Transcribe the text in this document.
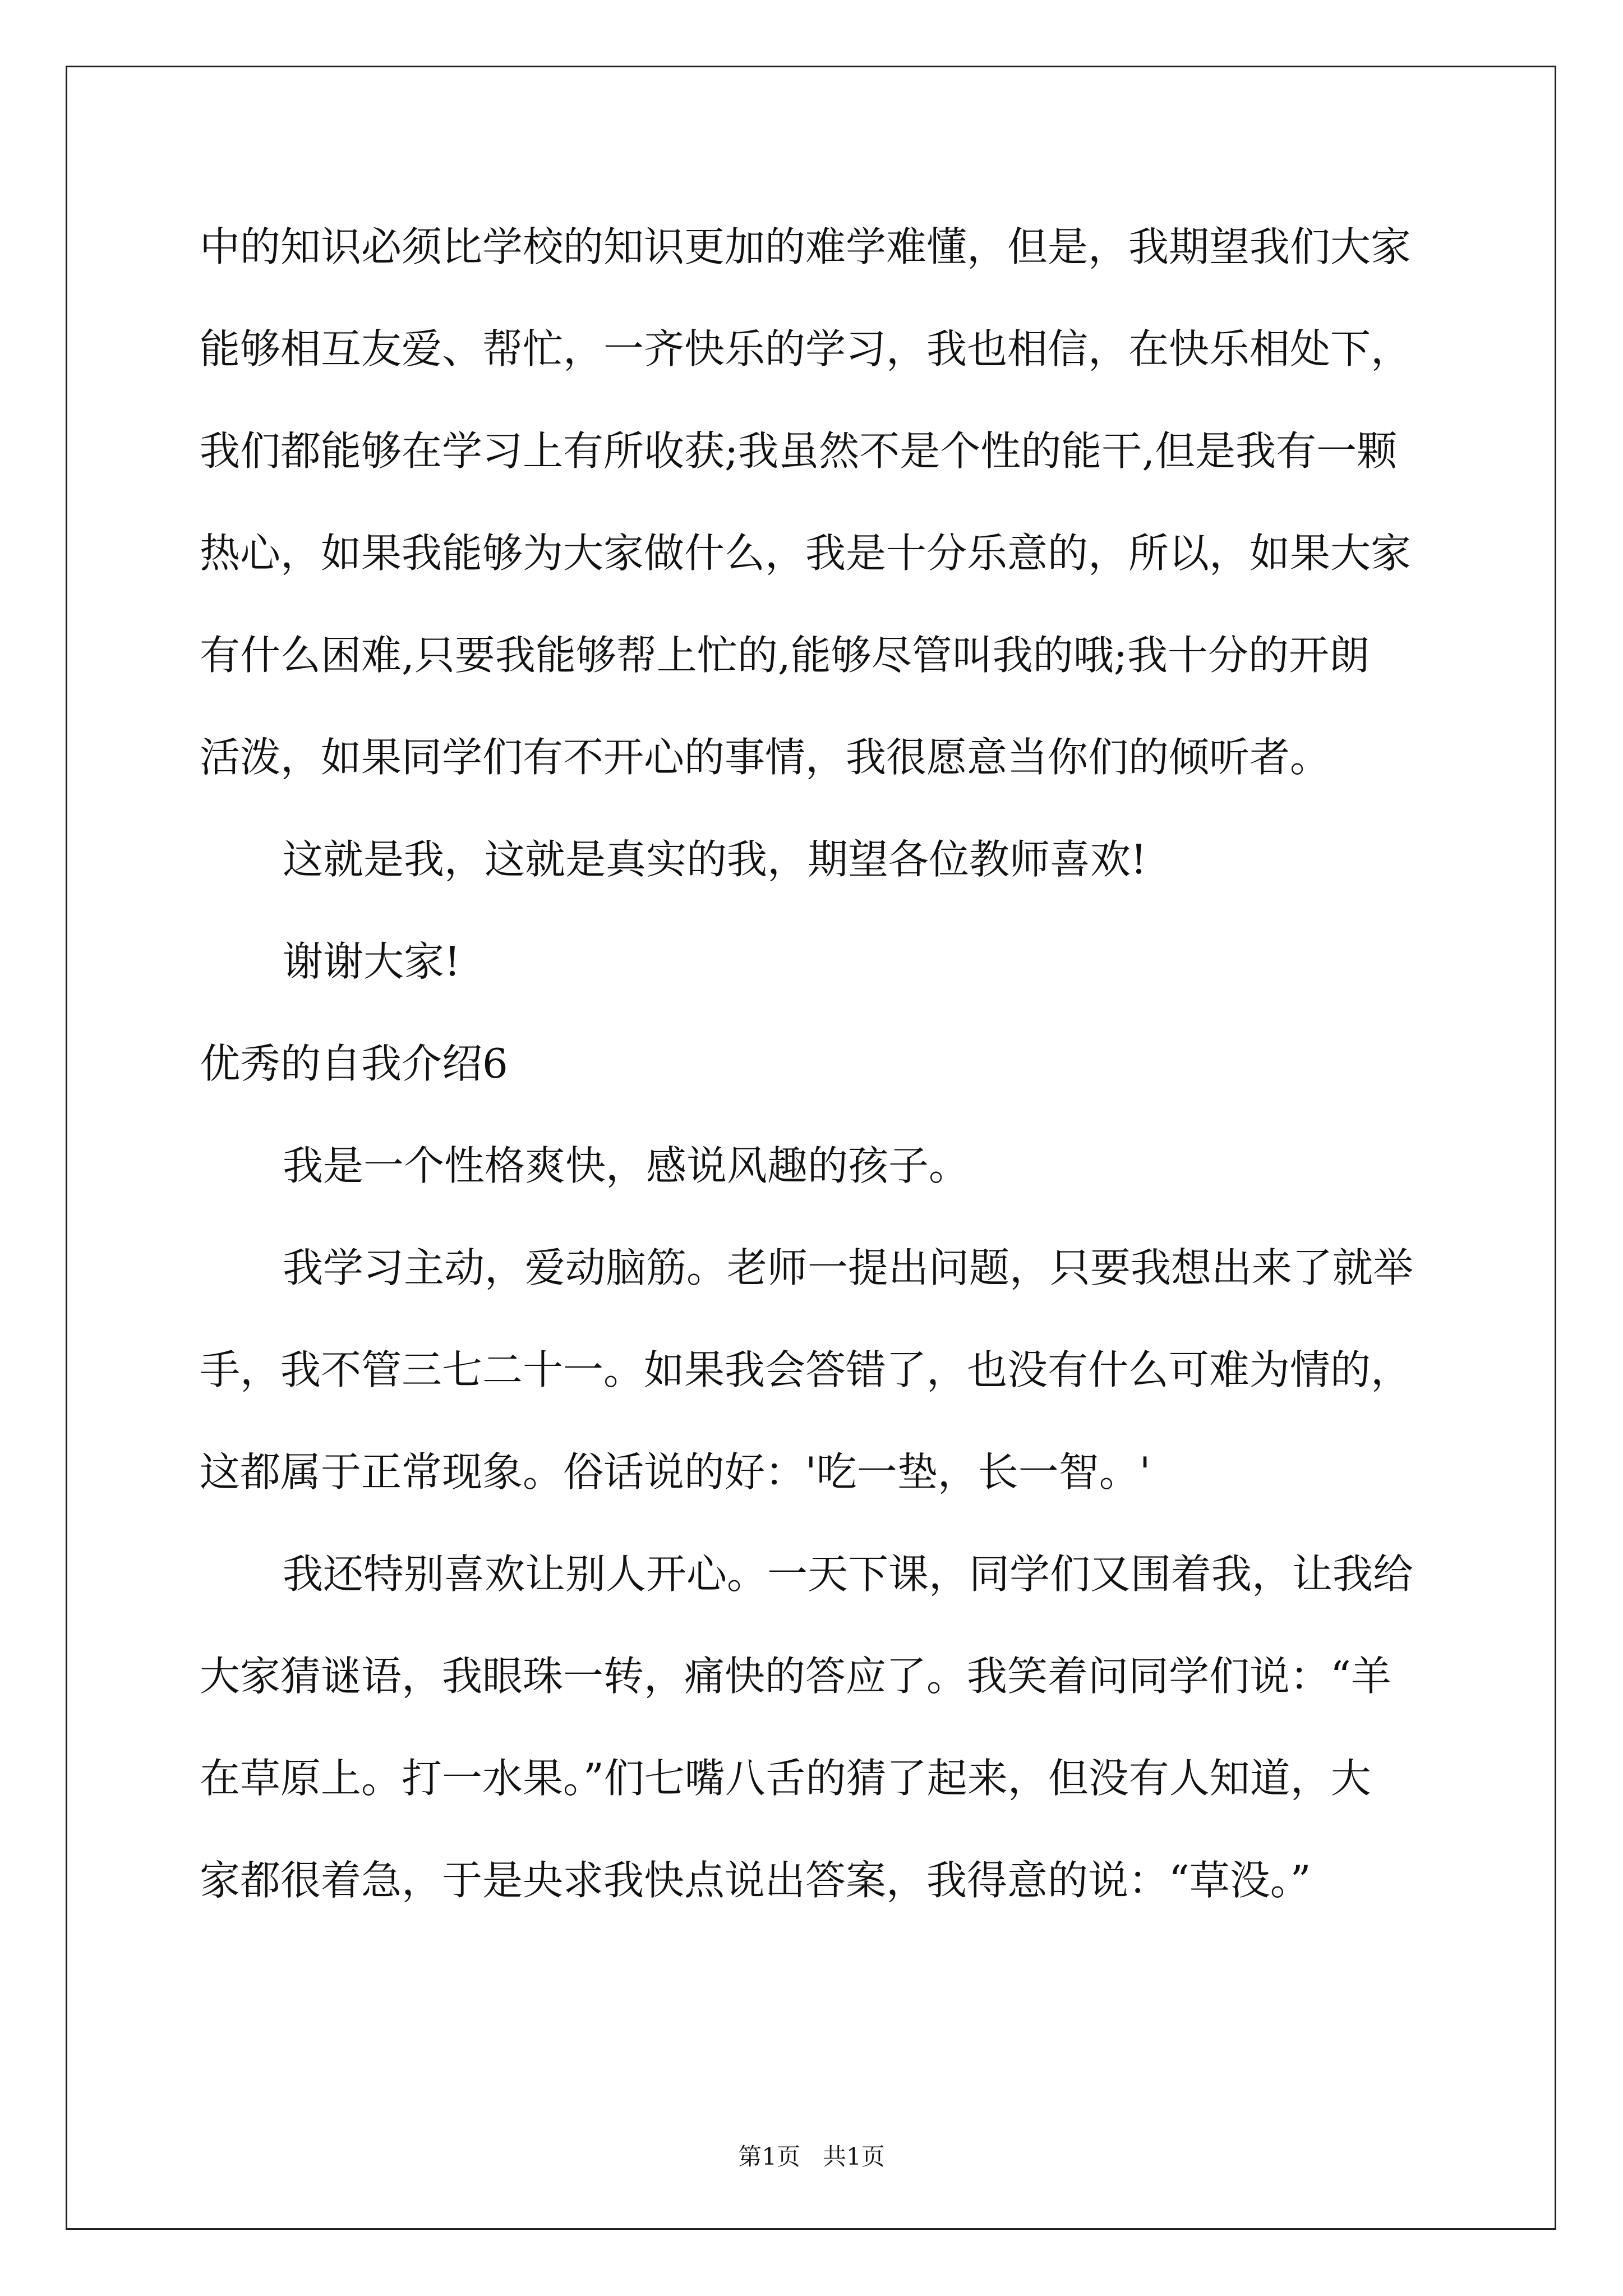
中的知识必须比学校的知识更加的难学难懂，但是，我期望我们大家
能够相互友爱、帮忙，一齐快乐的学习，我也相信，在快乐相处下，
我们都能够在学习上有所收获;我虽然不是个性的能干,但是我有一颗
热心，如果我能够为大家做什么，我是十分乐意的，所以，如果大家
有什么困难,只要我能够帮上忙的,能够尽管叫我的哦;我十分的开朗
活泼，如果同学们有不开心的事情，我很愿意当你们的倾听者。
这就是我，这就是真实的我，期望各位教师喜欢!
谢谢大家!
优秀的自我介绍6
我是一个性格爽快，感说风趣的孩子。
我学习主动，爱动脑筋。老师一提出问题，只要我想出来了就举
手，我不管三七二十一。如果我会答错了，也没有什么可难为情的，
这都属于正常现象。俗话说的好：'吃一垫，长一智。'
我还特别喜欢让别人开心。一天下课，同学们又围着我，让我给
大家猜谜语，我眼珠一转，痛快的答应了。我笑着问同学们说：“羊
在草原上。打一水果。”们七嘴八舌的猜了起来，但没有人知道，大
家都很着急，于是央求我快点说出答案，我得意的说：“草没。”
第1页 共1页
